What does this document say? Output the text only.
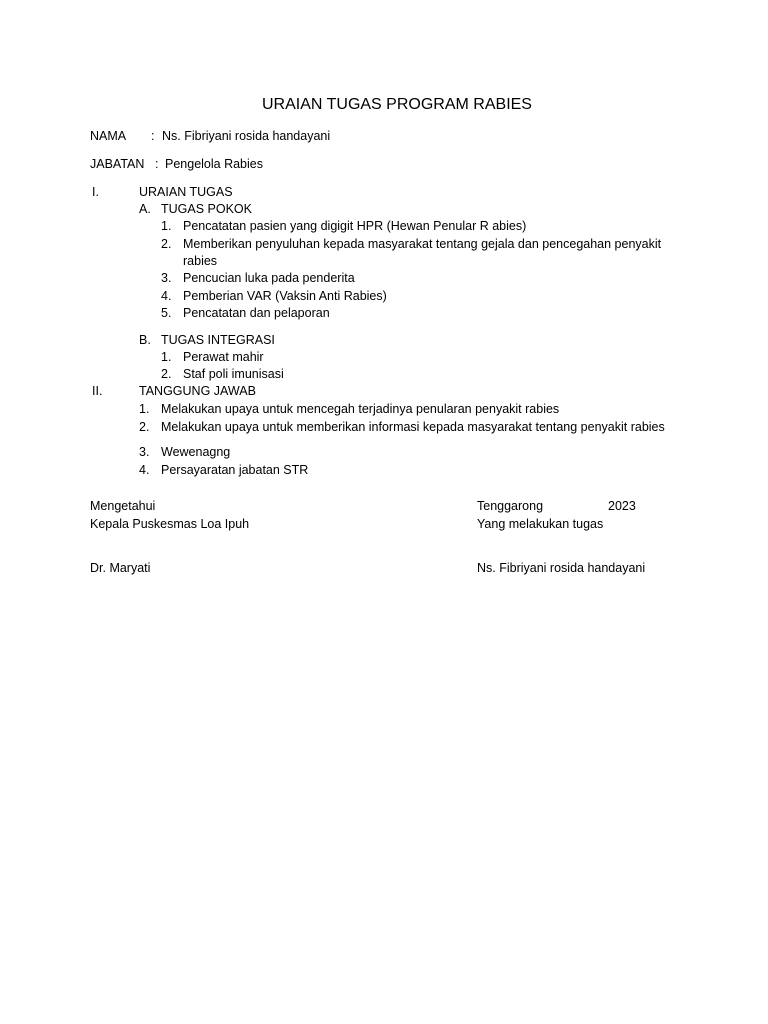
URAIAN TUGAS PROGRAM RABIES
NAMA : Ns. Fibriyani rosida handayani
JABATAN : Pengelola Rabies
I.	URAIAN TUGAS
A. TUGAS POKOK
1. Pencatatan pasien yang digigit HPR (Hewan Penular R abies)
2. Memberikan penyuluhan kepada masyarakat tentang gejala dan pencegahan penyakit
rabies
3. Pencucian luka pada penderita
4. Pemberian VAR (Vaksin Anti Rabies)
5. Pencatatan dan pelaporan
B. TUGAS INTEGRASI
1. Perawat mahir
2. Staf poli imunisasi
II.	TANGGUNG JAWAB
1. Melakukan upaya untuk mencegah terjadinya penularan penyakit rabies
2. Melakukan upaya untuk memberikan informasi kepada masyarakat tentang penyakit rabies
3. Wewenagng
4. Persayaratan jabatan STR
Mengetahui
Kepala Puskesmas Loa Ipuh
Dr. Maryati
Tenggarong	2023
Yang melakukan tugas
Ns. Fibriyani rosida handayani
